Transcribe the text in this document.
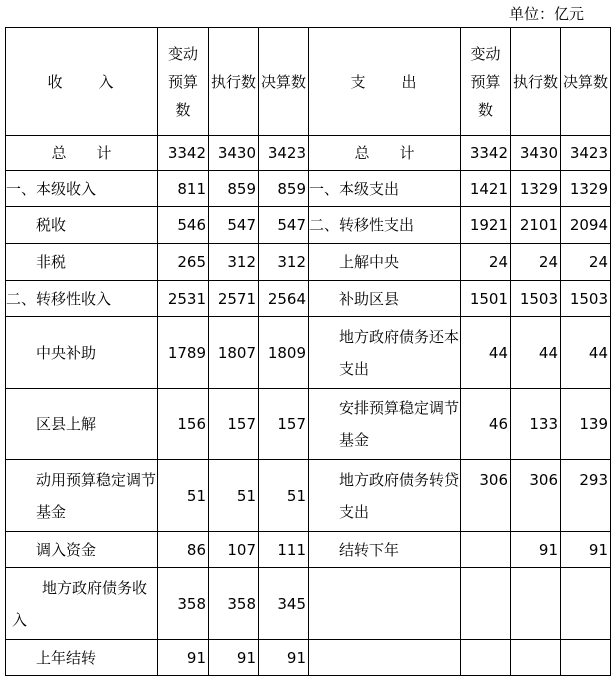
单位：亿元
收　　入	变动预算数	执行数	决算数	支　　出	变动预算数	执行数	决算数
总　　计	3342	3430	3423	总　　计	3342	3430	3423
一、本级收入	811	859	859	一、本级支出	1421	1329	1329
税收	546	547	547	二、转移性支出	1921	2101	2094
非税	265	312	312	上解中央	24	24	24
二、转移性收入	2531	2571	2564	补助区县	1501	1503	1503
中央补助	1789	1807	1809	地方政府债务还本支出	44	44	44
区县上解	156	157	157	安排预算稳定调节基金	46	133	139
动用预算稳定调节基金	51	51	51	地方政府债务转贷支出	306	306	293
调入资金	86	107	111	结转下年		91	91
地方政府债务收入	358	358	345				
上年结转	91	91	91				
